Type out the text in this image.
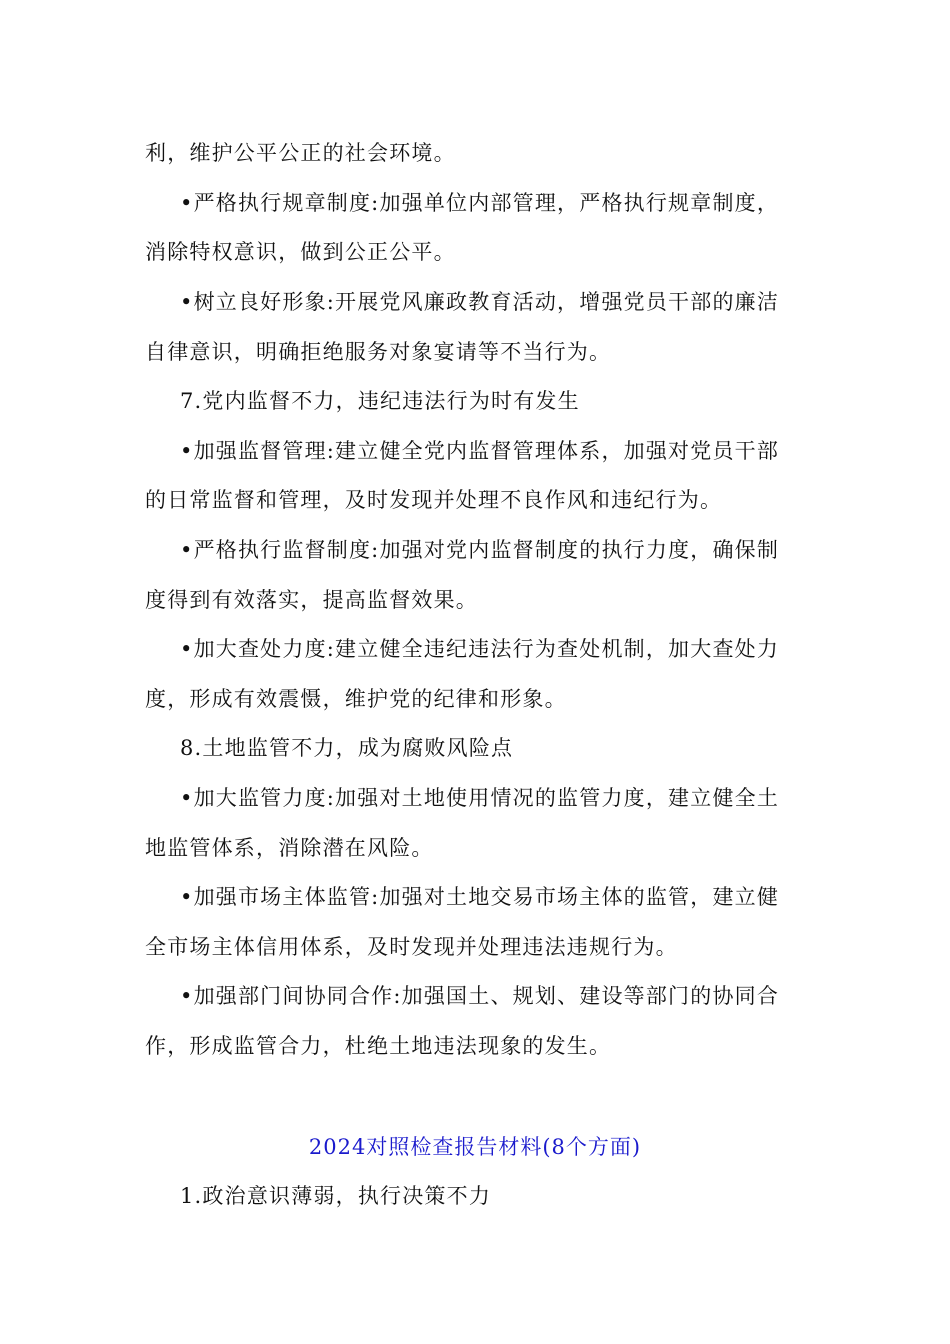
利，维护公平公正的社会环境。
•严格执行规章制度:加强单位内部管理，严格执行规章制度，
消除特权意识，做到公正公平。
•树立良好形象:开展党风廉政教育活动，增强党员干部的廉洁
自律意识，明确拒绝服务对象宴请等不当行为。
7.党内监督不力，违纪违法行为时有发生
•加强监督管理:建立健全党内监督管理体系，加强对党员干部
的日常监督和管理，及时发现并处理不良作风和违纪行为。
•严格执行监督制度:加强对党内监督制度的执行力度，确保制
度得到有效落实，提高监督效果。
•加大查处力度:建立健全违纪违法行为查处机制，加大查处力
度，形成有效震慑，维护党的纪律和形象。
8.土地监管不力，成为腐败风险点
•加大监管力度:加强对土地使用情况的监管力度，建立健全土
地监管体系，消除潜在风险。
•加强市场主体监管:加强对土地交易市场主体的监管，建立健
全市场主体信用体系，及时发现并处理违法违规行为。
•加强部门间协同合作:加强国土、规划、建设等部门的协同合
作，形成监管合力，杜绝土地违法现象的发生。
2024对照检查报告材料(8个方面)
1.政治意识薄弱，执行决策不力
